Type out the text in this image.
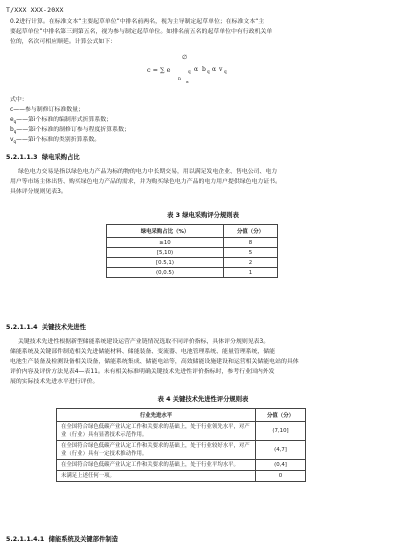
T/XXX XXX-20XX
0.2进行计算。在标准文本“主要起草单位”中排名前两名，视为主导制定起草单位；在标准文本“主
要起草单位”中排名第三到第五名，视为参与制定起草单位。如排名前五名的起草单位中有行政机关单
位的，名次可相应顺延。计算公式如下：
∅
c = ∑ e	q α b q α v q
n α
式中：
c——参与制修订标准数量；
$e_q——$第i个标准的编制形式折算系数；
$b_q——$第i个标准的制修订参与程度折算系数；
$v_q——$第i个标准的类别折算系数。
5.2.1.1.3 绿电采购占比
绿色电力交易是指以绿色电力产品为标的物的电力中长期交易，用以满足发电企业、售电公司、电力
用户等市场主体出售、购买绿色电力产品的需求，并为购买绿色电力产品的电力用户提供绿色电力证书。
具体评分规则见表3。
表 3 绿电采购评分规则表
绿电采购占比（%）	分值（分）
≥10	8
[5,10)	5
[0.5,1)	2
(0,0.5)	1
5.2.1.1.4 关键技术先进性
关键技术先进性根据新型储能系统建设运营产业链情况选取不同评价指标，具体评分规则见表3。
储能系统及关键部件制造相关先进储能材料、储能装备、变流器、电池管理系统、能量管理系统，储能
电池生产装备及检测设备相关设备，储能系统集成、储能电站等，高效储能设施建设和运营相关储能电站的具体
评价内容及评价方法见表4—表11。未有相关标准明确关键技术先进性评价指标时，参考行业国内外发
展的实际技术先进水平进行评价。
表 4 关键技术先进性评分规则表
行业先进水平	分值（分）
在全国符合绿色低碳产业认定工作和关要求的基础上，处于行业领先水平，对产业（行业）具有显著技术示范作用。	(7,10]
在全国符合绿色低碳产业认定工作和关要求的基础上，处于行业较好水平，对产业（行业）具有一定技术推动作用。	(4,7]
在全国符合绿色低碳产业认定工作和关要求的基础上，处于行业平均水平。	(0,4]
未满足上述任何一项。	0
5.2.1.1.4.1 储能系统及关键部件制造
